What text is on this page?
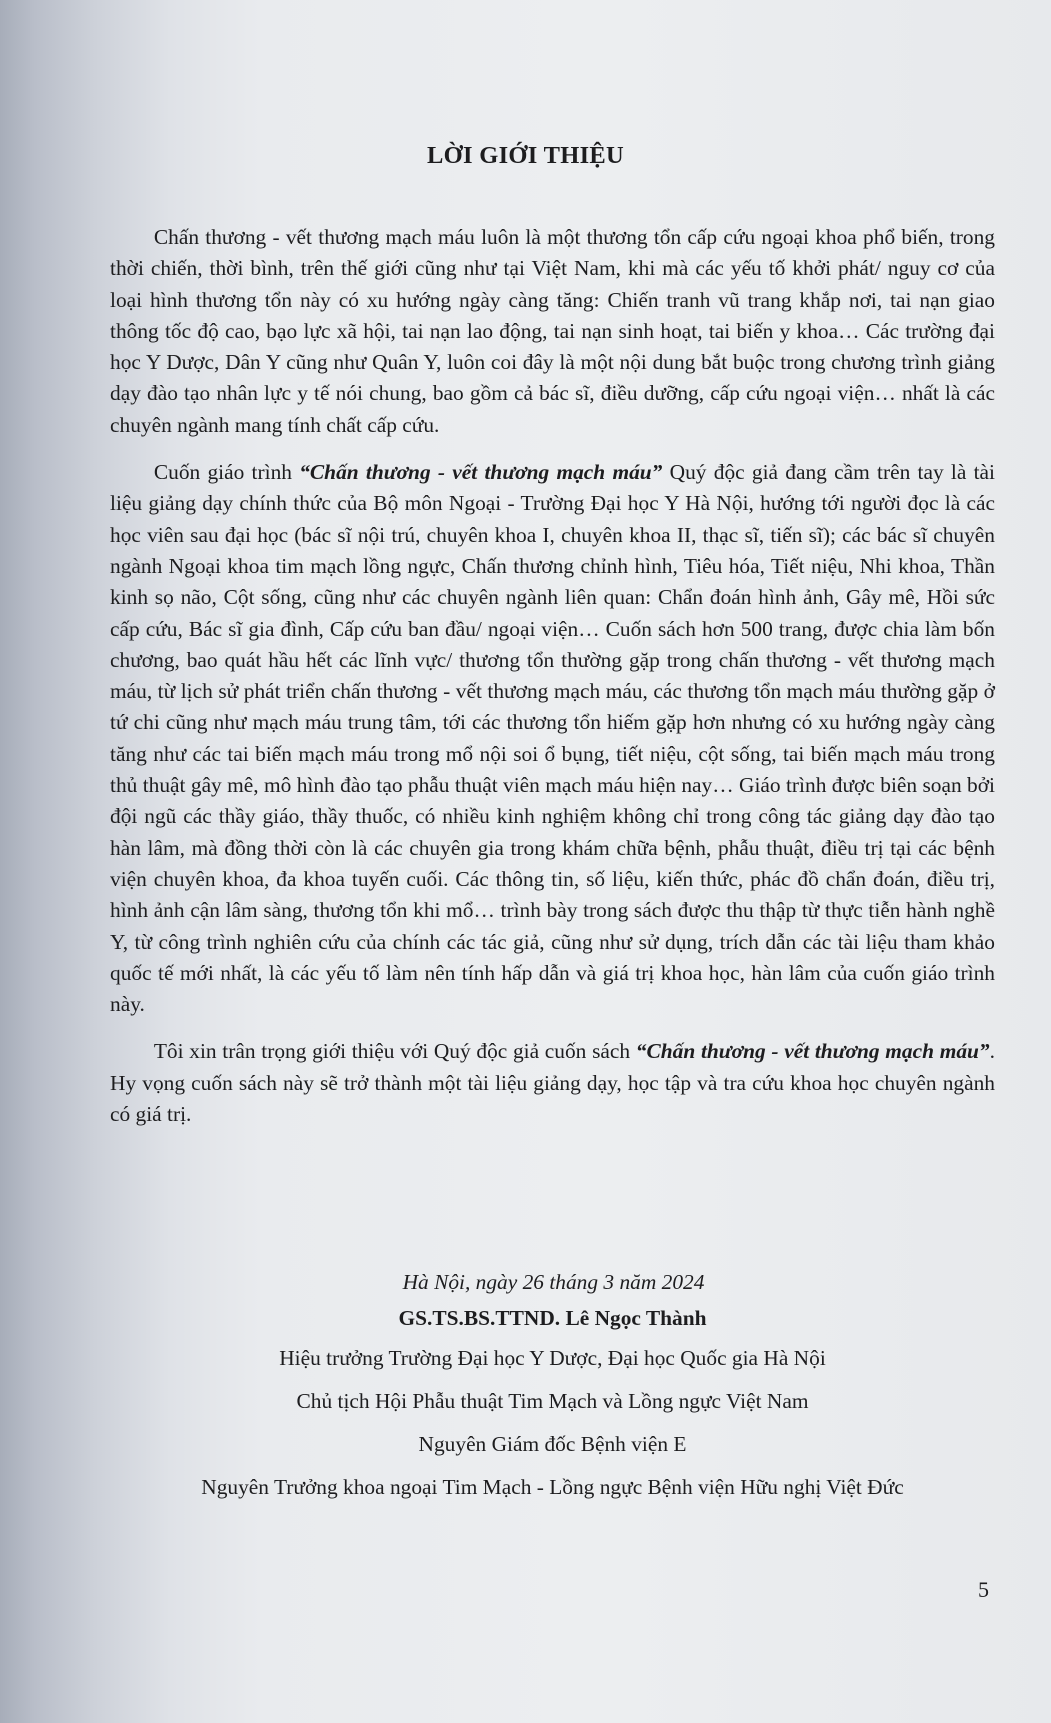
LỜI GIỚI THIỆU

Chấn thương - vết thương mạch máu luôn là một thương tổn cấp cứu ngoại khoa phổ biến, trong thời chiến, thời bình, trên thế giới cũng như tại Việt Nam, khi mà các yếu tố khởi phát/ nguy cơ của loại hình thương tổn này có xu hướng ngày càng tăng: Chiến tranh vũ trang khắp nơi, tai nạn giao thông tốc độ cao, bạo lực xã hội, tai nạn lao động, tai nạn sinh hoạt, tai biến y khoa… Các trường đại học Y Dược, Dân Y cũng như Quân Y, luôn coi đây là một nội dung bắt buộc trong chương trình giảng dạy đào tạo nhân lực y tế nói chung, bao gồm cả bác sĩ, điều dưỡng, cấp cứu ngoại viện… nhất là các chuyên ngành mang tính chất cấp cứu.

Cuốn giáo trình “Chấn thương - vết thương mạch máu” Quý độc giả đang cầm trên tay là tài liệu giảng dạy chính thức của Bộ môn Ngoại - Trường Đại học Y Hà Nội, hướng tới người đọc là các học viên sau đại học (bác sĩ nội trú, chuyên khoa I, chuyên khoa II, thạc sĩ, tiến sĩ); các bác sĩ chuyên ngành Ngoại khoa tim mạch lồng ngực, Chấn thương chỉnh hình, Tiêu hóa, Tiết niệu, Nhi khoa, Thần kinh sọ não, Cột sống, cũng như các chuyên ngành liên quan: Chẩn đoán hình ảnh, Gây mê, Hồi sức cấp cứu, Bác sĩ gia đình, Cấp cứu ban đầu/ ngoại viện… Cuốn sách hơn 500 trang, được chia làm bốn chương, bao quát hầu hết các lĩnh vực/ thương tổn thường gặp trong chấn thương - vết thương mạch máu, từ lịch sử phát triển chấn thương - vết thương mạch máu, các thương tổn mạch máu thường gặp ở tứ chi cũng như mạch máu trung tâm, tới các thương tổn hiếm gặp hơn nhưng có xu hướng ngày càng tăng như các tai biến mạch máu trong mổ nội soi ổ bụng, tiết niệu, cột sống, tai biến mạch máu trong thủ thuật gây mê, mô hình đào tạo phẫu thuật viên mạch máu hiện nay… Giáo trình được biên soạn bởi đội ngũ các thầy giáo, thầy thuốc, có nhiều kinh nghiệm không chỉ trong công tác giảng dạy đào tạo hàn lâm, mà đồng thời còn là các chuyên gia trong khám chữa bệnh, phẫu thuật, điều trị tại các bệnh viện chuyên khoa, đa khoa tuyến cuối. Các thông tin, số liệu, kiến thức, phác đồ chẩn đoán, điều trị, hình ảnh cận lâm sàng, thương tổn khi mổ… trình bày trong sách được thu thập từ thực tiễn hành nghề Y, từ công trình nghiên cứu của chính các tác giả, cũng như sử dụng, trích dẫn các tài liệu tham khảo quốc tế mới nhất, là các yếu tố làm nên tính hấp dẫn và giá trị khoa học, hàn lâm của cuốn giáo trình này.

Tôi xin trân trọng giới thiệu với Quý độc giả cuốn sách “Chấn thương - vết thương mạch máu”. Hy vọng cuốn sách này sẽ trở thành một tài liệu giảng dạy, học tập và tra cứu khoa học chuyên ngành có giá trị.

Hà Nội, ngày 26 tháng 3 năm 2024
GS.TS.BS.TTND. Lê Ngọc Thành
Hiệu trưởng Trường Đại học Y Dược, Đại học Quốc gia Hà Nội
Chủ tịch Hội Phẫu thuật Tim Mạch và Lồng ngực Việt Nam
Nguyên Giám đốc Bệnh viện E
Nguyên Trưởng khoa ngoại Tim Mạch - Lồng ngực Bệnh viện Hữu nghị Việt Đức
5
